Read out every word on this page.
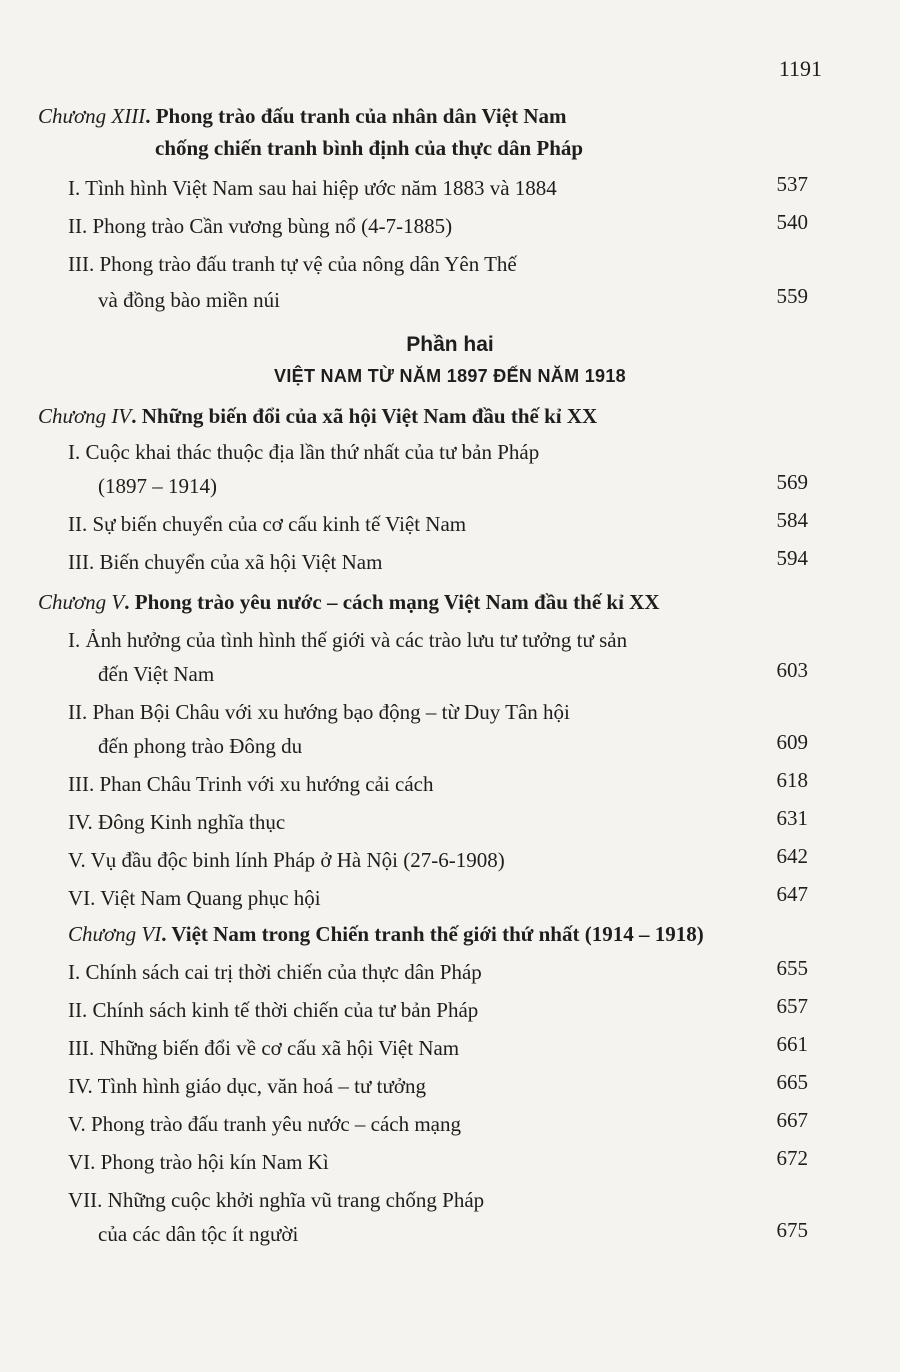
1191
Chương XIII. Phong trào đấu tranh của nhân dân Việt Nam
chống chiến tranh bình định của thực dân Pháp
I. Tình hình Việt Nam sau hai hiệp ước năm 1883 và 1884	537
II. Phong trào Cần vương bùng nổ (4-7-1885)	540
III. Phong trào đấu tranh tự vệ của nông dân Yên Thế
và đồng bào miền núi	559
Phần hai
VIỆT NAM TỪ NĂM 1897 ĐẾN NĂM 1918
Chương IV. Những biến đổi của xã hội Việt Nam đầu thế kỉ XX
I. Cuộc khai thác thuộc địa lần thứ nhất của tư bản Pháp
(1897 – 1914)	569
II. Sự biến chuyển của cơ cấu kinh tế Việt Nam	584
III. Biến chuyển của xã hội Việt Nam	594
Chương V. Phong trào yêu nước – cách mạng Việt Nam đầu thế kỉ XX
I. Ảnh hưởng của tình hình thế giới và các trào lưu tư tưởng tư sản
đến Việt Nam	603
II. Phan Bội Châu với xu hướng bạo động – từ Duy Tân hội
đến phong trào Đông du	609
III. Phan Châu Trinh với xu hướng cải cách	618
IV. Đông Kinh nghĩa thục	631
V. Vụ đầu độc binh lính Pháp ở Hà Nội (27-6-1908)	642
VI. Việt Nam Quang phục hội	647
Chương VI. Việt Nam trong Chiến tranh thế giới thứ nhất (1914 – 1918)
I. Chính sách cai trị thời chiến của thực dân Pháp	655
II. Chính sách kinh tế thời chiến của tư bản Pháp	657
III. Những biến đổi về cơ cấu xã hội Việt Nam	661
IV. Tình hình giáo dục, văn hoá – tư tưởng	665
V. Phong trào đấu tranh yêu nước – cách mạng	667
VI. Phong trào hội kín Nam Kì	672
VII. Những cuộc khởi nghĩa vũ trang chống Pháp
của các dân tộc ít người	675
